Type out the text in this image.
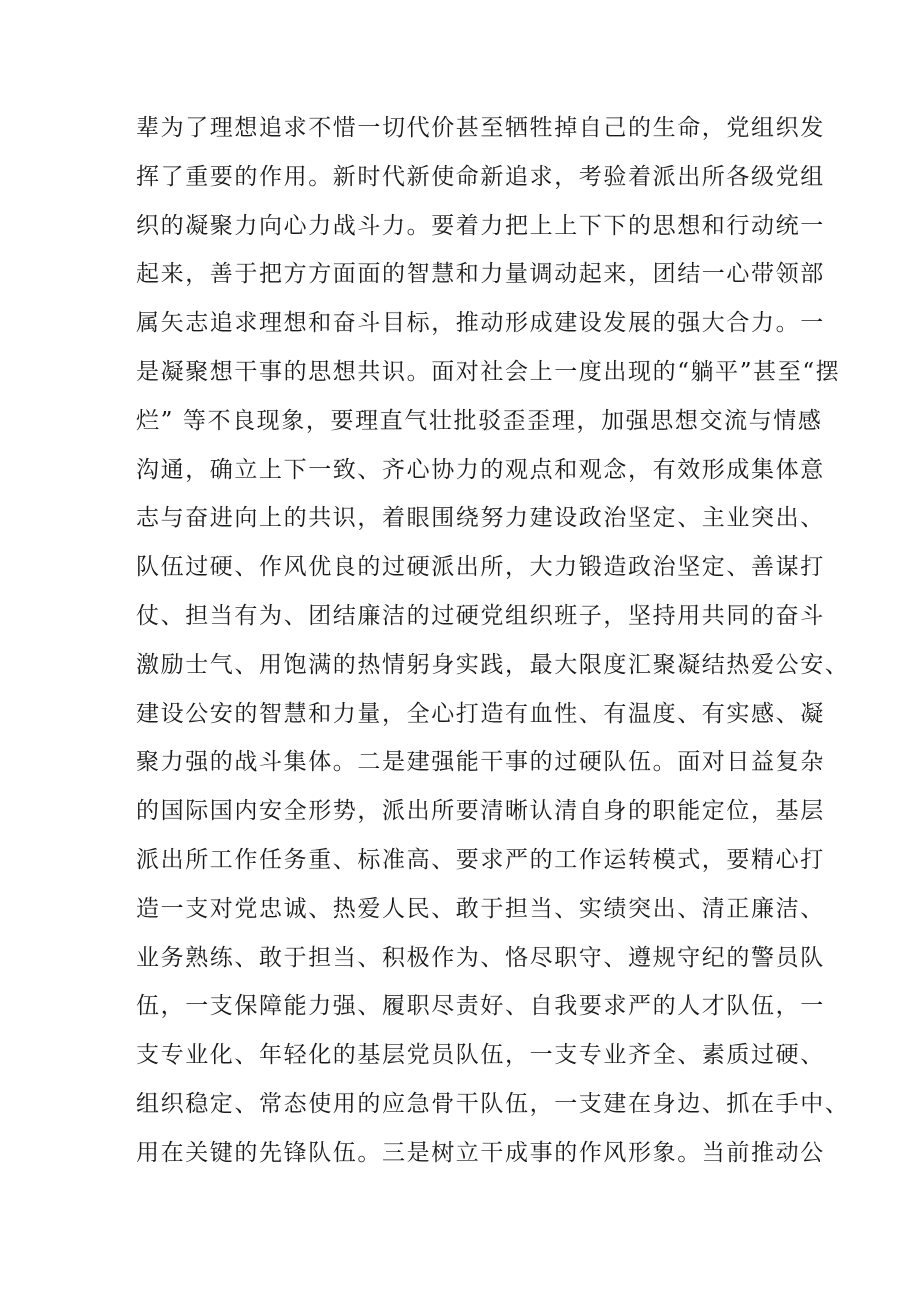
辈为了理想追求不惜一切代价甚至牺牲掉自己的生命，党组织发
挥了重要的作用。新时代新使命新追求，考验着派出所各级党组
织的凝聚力向心力战斗力。要着力把上上下下的思想和行动统一
起来，善于把方方面面的智慧和力量调动起来，团结一心带领部
属矢志追求理想和奋斗目标，推动形成建设发展的强大合力。一
是凝聚想干事的思想共识。面对社会上一度出现的“躺平”甚至“摆
烂” 等不良现象，要理直气壮批驳歪歪理，加强思想交流与情感
沟通，确立上下一致、齐心协力的观点和观念，有效形成集体意
志与奋进向上的共识，着眼围绕努力建设政治坚定、主业突出、
队伍过硬、作风优良的过硬派出所，大力锻造政治坚定、善谋打
仗、担当有为、团结廉洁的过硬党组织班子，坚持用共同的奋斗
激励士气、用饱满的热情躬身实践，最大限度汇聚凝结热爱公安、
建设公安的智慧和力量，全心打造有血性、有温度、有实感、凝
聚力强的战斗集体。二是建强能干事的过硬队伍。面对日益复杂
的国际国内安全形势，派出所要清晰认清自身的职能定位，基层
派出所工作任务重、标准高、要求严的工作运转模式，要精心打
造一支对党忠诚、热爱人民、敢于担当、实绩突出、清正廉洁、
业务熟练、敢于担当、积极作为、恪尽职守、遵规守纪的警员队
伍，一支保障能力强、履职尽责好、自我要求严的人才队伍，一
支专业化、年轻化的基层党员队伍，一支专业齐全、素质过硬、
组织稳定、常态使用的应急骨干队伍，一支建在身边、抓在手中、
用在关键的先锋队伍。三是树立干成事的作风形象。当前推动公
